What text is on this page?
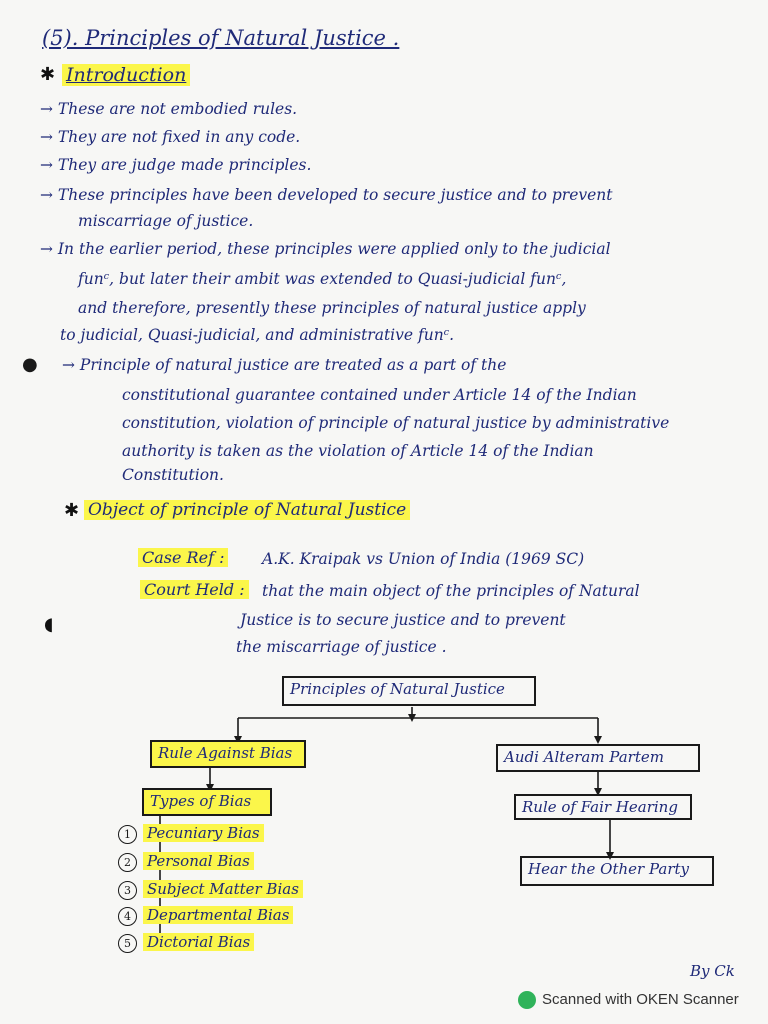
(5). Principles of Natural Justice .
✱ Introduction
→ These are not embodied rules.
→ They are not fixed in any code.
→ They are judge made principles.
→ These principles have been developed to secure justice and to prevent
miscarriage of justice.
→ In the earlier period, these principles were applied only to the judicial
funᶜ, but later their ambit was extended to Quasi-judicial funᶜ,
and therefore, presently these principles of natural justice apply
to judicial, Quasi-judicial, and administrative funᶜ.
● → Principle of natural justice are treated as a part of the
constitutional guarantee contained under Article 14 of the Indian
constitution, violation of principle of natural justice by administrative
authority is taken as the violation of Article 14 of the Indian
Constitution.
✱ Object of principle of Natural Justice
Case Ref : A.K. Kraipak vs Union of India (1969 SC)
Court Held : that the main object of the principles of Natural
Justice is to secure justice and to prevent
the miscarriage of justice .
◖
Principles of Natural Justice
Rule Against Bias	Audi Alteram Partem
Types of Bias	Rule of Fair Hearing
Hear the Other Party
1 Pecuniary Bias
2 Personal Bias
3 Subject Matter Bias
4 Departmental Bias
5 Dictorial Bias
By Ck
Scanned with OKEN Scanner
